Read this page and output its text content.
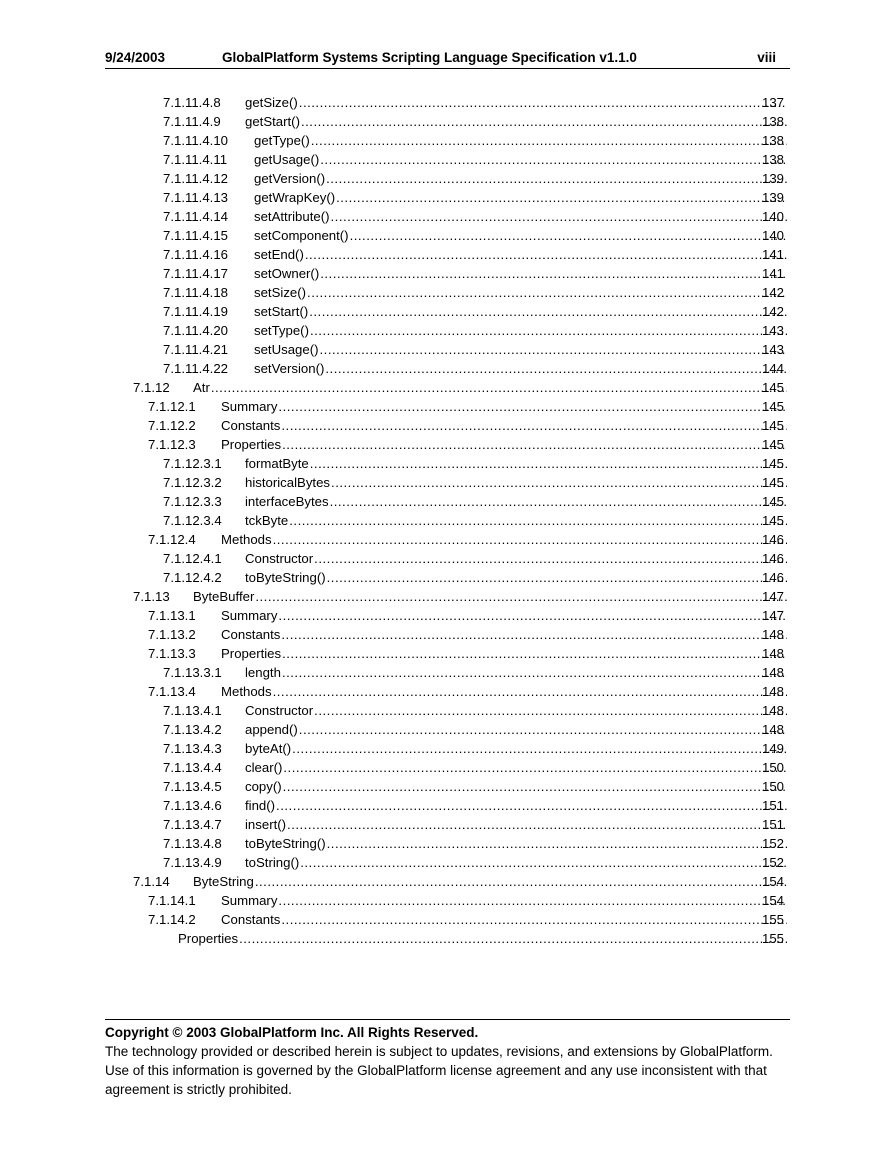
9/24/2003	GlobalPlatform Systems Scripting Language Specification v1.1.0	viii
7.1.11.4.8 getSize() .....	137
7.1.11.4.9 getStart() .....	138
7.1.11.4.10 getType() .....	138
7.1.11.4.11 getUsage() .....	138
7.1.11.4.12 getVersion() .....	139
7.1.11.4.13 getWrapKey() .....	139
7.1.11.4.14 setAttribute() .....	140
7.1.11.4.15 setComponent() .....	140
7.1.11.4.16 setEnd() .....	141
7.1.11.4.17 setOwner() .....	141
7.1.11.4.18 setSize() .....	142
7.1.11.4.19 setStart() .....	142
7.1.11.4.20 setType() .....	143
7.1.11.4.21 setUsage() .....	143
7.1.11.4.22 setVersion() .....	144
7.1.12 Atr .....	145
7.1.12.1 Summary .....	145
7.1.12.2 Constants .....	145
7.1.12.3 Properties .....	145
7.1.12.3.1 formatByte .....	145
7.1.12.3.2 historicalBytes .....	145
7.1.12.3.3 interfaceBytes .....	145
7.1.12.3.4 tckByte .....	145
7.1.12.4 Methods .....	146
7.1.12.4.1 Constructor .....	146
7.1.12.4.2 toByteString() .....	146
7.1.13 ByteBuffer .....	147
7.1.13.1 Summary .....	147
7.1.13.2 Constants .....	148
7.1.13.3 Properties .....	148
7.1.13.3.1 length .....	148
7.1.13.4 Methods .....	148
7.1.13.4.1 Constructor .....	148
7.1.13.4.2 append() .....	148
7.1.13.4.3 byteAt() .....	149
7.1.13.4.4 clear() .....	150
7.1.13.4.5 copy() .....	150
7.1.13.4.6 find() .....	151
7.1.13.4.7 insert() .....	151
7.1.13.4.8 toByteString() .....	152
7.1.13.4.9 toString() .....	152
7.1.14 ByteString .....	154
7.1.14.1 Summary .....	154
7.1.14.2 Constants .....	155
Properties .....	155

Copyright © 2003 GlobalPlatform Inc. All Rights Reserved.

The technology provided or described herein is subject to updates, revisions, and extensions by GlobalPlatform. Use of this information is governed by the GlobalPlatform license agreement and any use inconsistent with that agreement is strictly prohibited.
